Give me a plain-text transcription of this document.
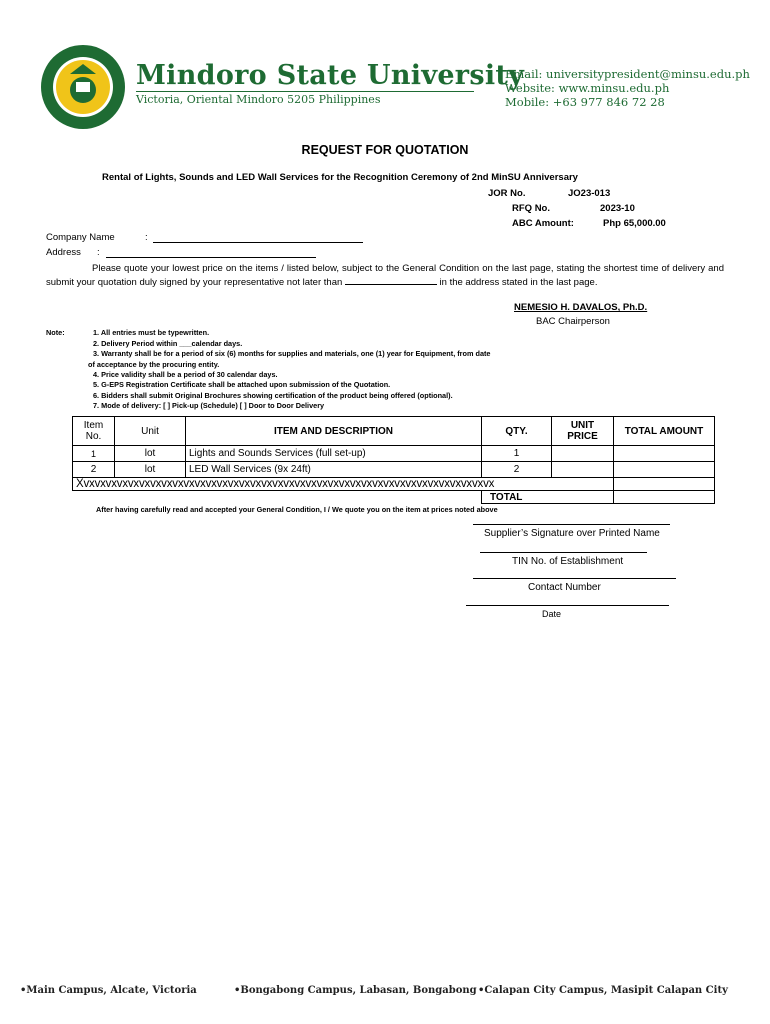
MINDORO STATE UNIVERSITY
Mindoro State University
Victoria, Oriental Mindoro 5205 Philippines
Email: universitypresident@minsu.edu.ph
Website: www.minsu.edu.ph
Mobile: +63 977 846 72 28
REQUEST FOR QUOTATION
Rental of Lights, Sounds and LED Wall Services for the Recognition Ceremony of 2nd MinSU Anniversary
JOR No.	JO23-013
RFQ No.	2023-10
ABC Amount:	Php 65,000.00
Company Name	:
Address :
Please quote your lowest price on the items / listed below, subject to the General Condition on the last page, stating the shortest time of delivery and submit your quotation duly signed by your representative not later than	in the address stated in the last page.
NEMESIO H. DAVALOS, Ph.D.
BAC Chairperson
Note:	1. All entries must be typewritten.
2. Delivery Period within ___calendar days.
3. Warranty shall be for a period of six (6) months for supplies and materials, one (1) year for Equipment, from date
of acceptance by the procuring entity.
4. Price validity shall be a period of 30 calendar days.
5. G-EPS Registration Certificate shall be attached upon submission of the Quotation.
6. Bidders shall submit Original Brochures showing certification of the product being offered (optional).
7. Mode of delivery: [ ] Pick-up (Schedule) [ ] Door to Door Delivery
Item No.	Unit	ITEM AND DESCRIPTION	QTY.	UNIT PRICE	TOTAL AMOUNT
1	lot	Lights and Sounds Services (full set-up)	1		
2	lot	LED Wall Services (9x 24ft)	2		
Xvxvxvxvxvxvxvxvxvxvxvxvxvxvxvxvxvxvxvxvxvxvxvxvxvxvxvxvxvxvxvxvxvxvxvxvxvx					
			TOTAL		
After having carefully read and accepted your General Condition, I / We quote you on the item at prices noted above
Supplier’s Signature over Printed Name
TIN No. of Establishment
Contact Number
Date
•Main Campus, Alcate, Victoria	•Bongabong Campus, Labasan, Bongabong •Calapan City Campus, Masipit Calapan City
